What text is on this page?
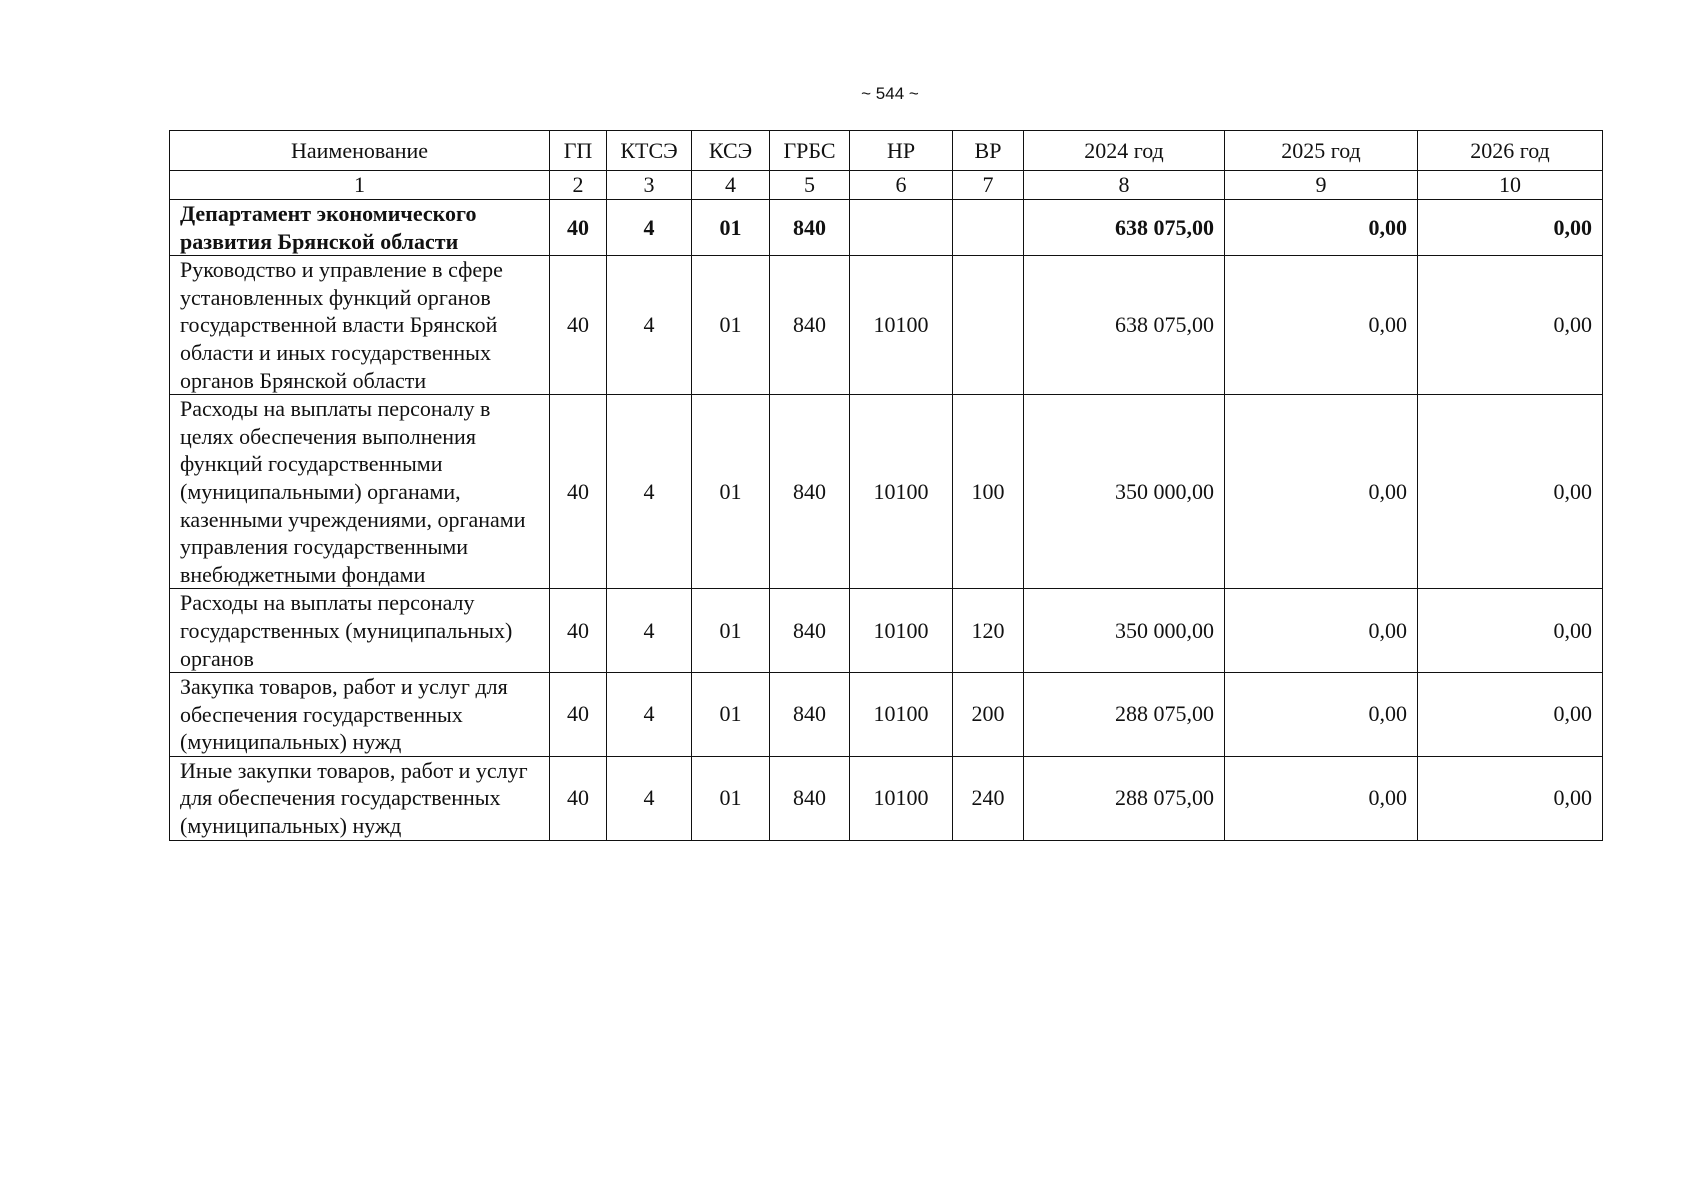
~ 544 ~
Наименование	ГП	КТСЭ	КСЭ	ГРБС	НР	ВР	2024 год	2025 год	2026 год
1	2	3	4	5	6	7	8	9	10
Департамент экономического развития Брянской области	40	4	01	840			638 075,00	0,00	0,00
Руководство и управление в сфере установленных функций органов государственной власти Брянской области и иных государственных органов Брянской области	40	4	01	840	10100		638 075,00	0,00	0,00
Расходы на выплаты персоналу в целях обеспечения выполнения функций государственными (муниципальными) органами, казенными учреждениями, органами управления государственными внебюджетными фондами	40	4	01	840	10100	100	350 000,00	0,00	0,00
Расходы на выплаты персоналу государственных (муниципальных) органов	40	4	01	840	10100	120	350 000,00	0,00	0,00
Закупка товаров, работ и услуг для обеспечения государственных (муниципальных) нужд	40	4	01	840	10100	200	288 075,00	0,00	0,00
Иные закупки товаров, работ и услуг для обеспечения государственных (муниципальных) нужд	40	4	01	840	10100	240	288 075,00	0,00	0,00
